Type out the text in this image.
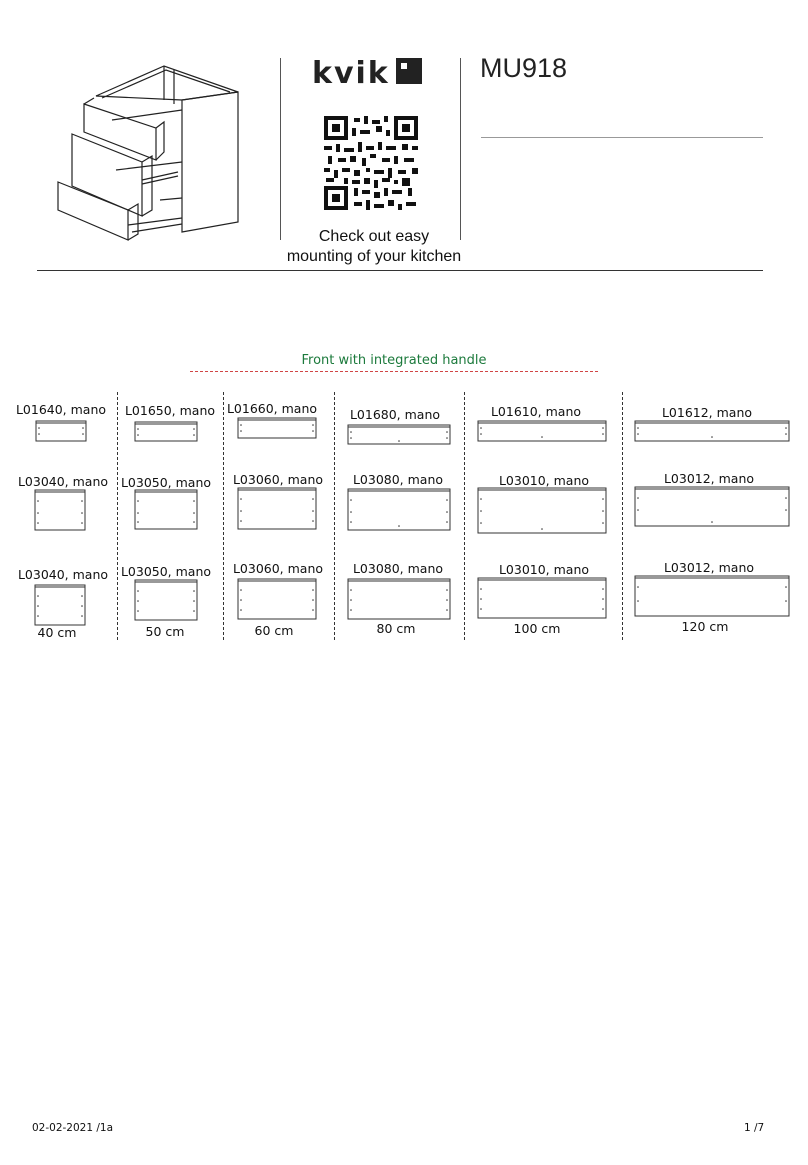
kvik
Check out easy
mounting of your kitchen
MU918
Front with integrated handle
L01640, mano L01650, mano L01660, mano	L01680, mano	L01610, mano	L01612, mano
L03040, mano L03050, mano L03060, mano L03080, mano	L03010, mano	L03012, mano
L03040, mano L03050, mano L03060, mano L03080, mano	L03010, mano	L03012, mano
40 cm	50 cm	60 cm	80 cm	100 cm	120 cm
02-02-2021 /1a	1 /7
